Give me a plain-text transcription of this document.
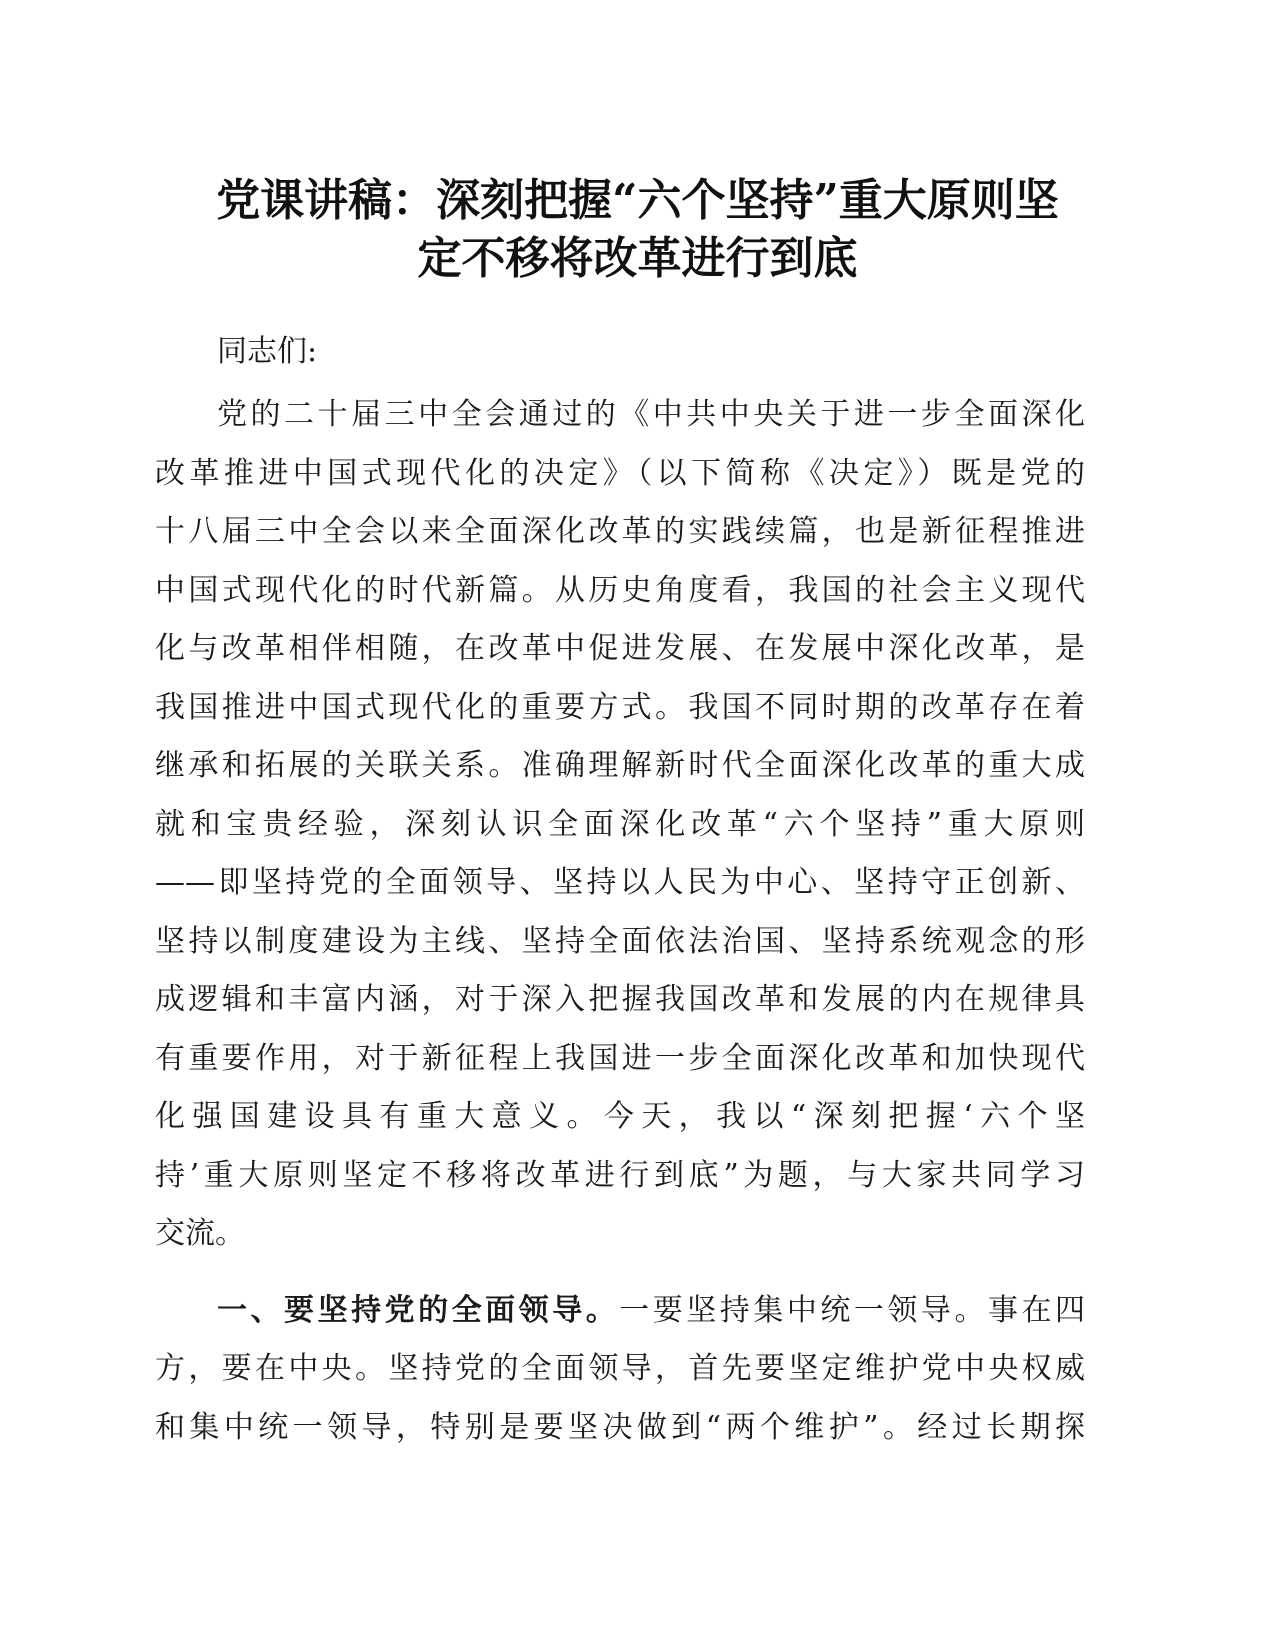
党课讲稿：深刻把握“六个坚持”重大原则坚
定不移将改革进行到底
同志们:
党的二十届三中全会通过的《中共中央关于进一步全面深化
改革推进中国式现代化的决定》（以下简称《决定》）既是党的
十八届三中全会以来全面深化改革的实践续篇，也是新征程推进
中国式现代化的时代新篇。从历史角度看，我国的社会主义现代
化与改革相伴相随，在改革中促进发展、在发展中深化改革，是
我国推进中国式现代化的重要方式。我国不同时期的改革存在着
继承和拓展的关联关系。准确理解新时代全面深化改革的重大成
就和宝贵经验，深刻认识全面深化改革“六个坚持”重大原则
——即坚持党的全面领导、坚持以人民为中心、坚持守正创新、
坚持以制度建设为主线、坚持全面依法治国、坚持系统观念的形
成逻辑和丰富内涵，对于深入把握我国改革和发展的内在规律具
有重要作用，对于新征程上我国进一步全面深化改革和加快现代
化强国建设具有重大意义。今天，我以“深刻把握‘六个坚
持’重大原则坚定不移将改革进行到底”为题，与大家共同学习
交流。
一、要坚持党的全面领导。一要坚持集中统一领导。事在四
方，要在中央。坚持党的全面领导，首先要坚定维护党中央权威
和集中统一领导，特别是要坚决做到“两个维护”。经过长期探
